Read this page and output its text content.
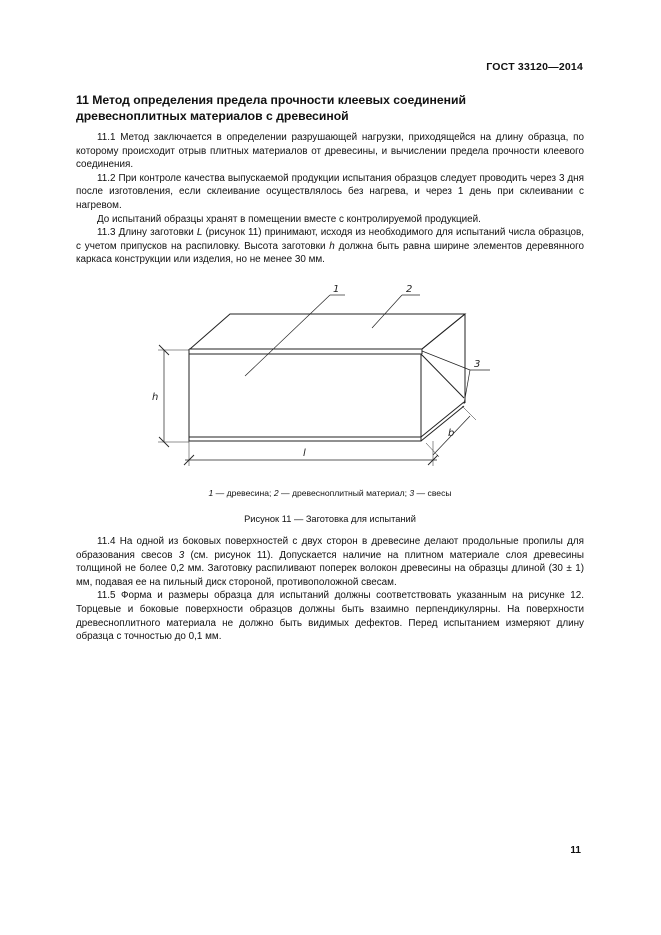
ГОСТ 33120—2014
11 Метод определения предела прочности клеевых соединений древесноплитных материалов с древесиной

11.1 Метод заключается в определении разрушающей нагрузки, приходящейся на длину образца, по которому происходит отрыв плитных материалов от древесины, и вычислении предела прочности клеевого соединения.

11.2 При контроле качества выпускаемой продукции испытания образцов следует проводить через 3 дня после изготовления, если склеивание осуществлялось без нагрева, и через 1 день при склеивании с нагревом.

До испытаний образцы хранят в помещении вместе с контролируемой продукцией.

11.3 Длину заготовки L (рисунок 11) принимают, исходя из необходимого для испытаний числа образцов, с учетом припусков на распиловку. Высота заготовки h должна быть равна ширине элементов деревянного каркаса конструкции или изделия, но не менее 30 мм.

1	2
3
h
b
l
1 — древесина; 2 — древесноплитный материал; 3 — свесы
Рисунок 11 — Заготовка для испытаний

11.4 На одной из боковых поверхностей с двух сторон в древесине делают продольные пропилы для образования свесов 3 (см. рисунок 11). Допускается наличие на плитном материале слоя древесины толщиной не более 0,2 мм. Заготовку распиливают поперек волокон древесины на образцы длиной (30 ± 1) мм, подавая ее на пильный диск стороной, противоположной свесам.

11.5 Форма и размеры образца для испытаний должны соответствовать указанным на рисунке 12. Торцевые и боковые поверхности образцов должны быть взаимно перпендикулярны. На поверхности древесноплитного материала не должно быть видимых дефектов. Перед испытанием измеряют длину образца с точностью до 0,1 мм.

11
